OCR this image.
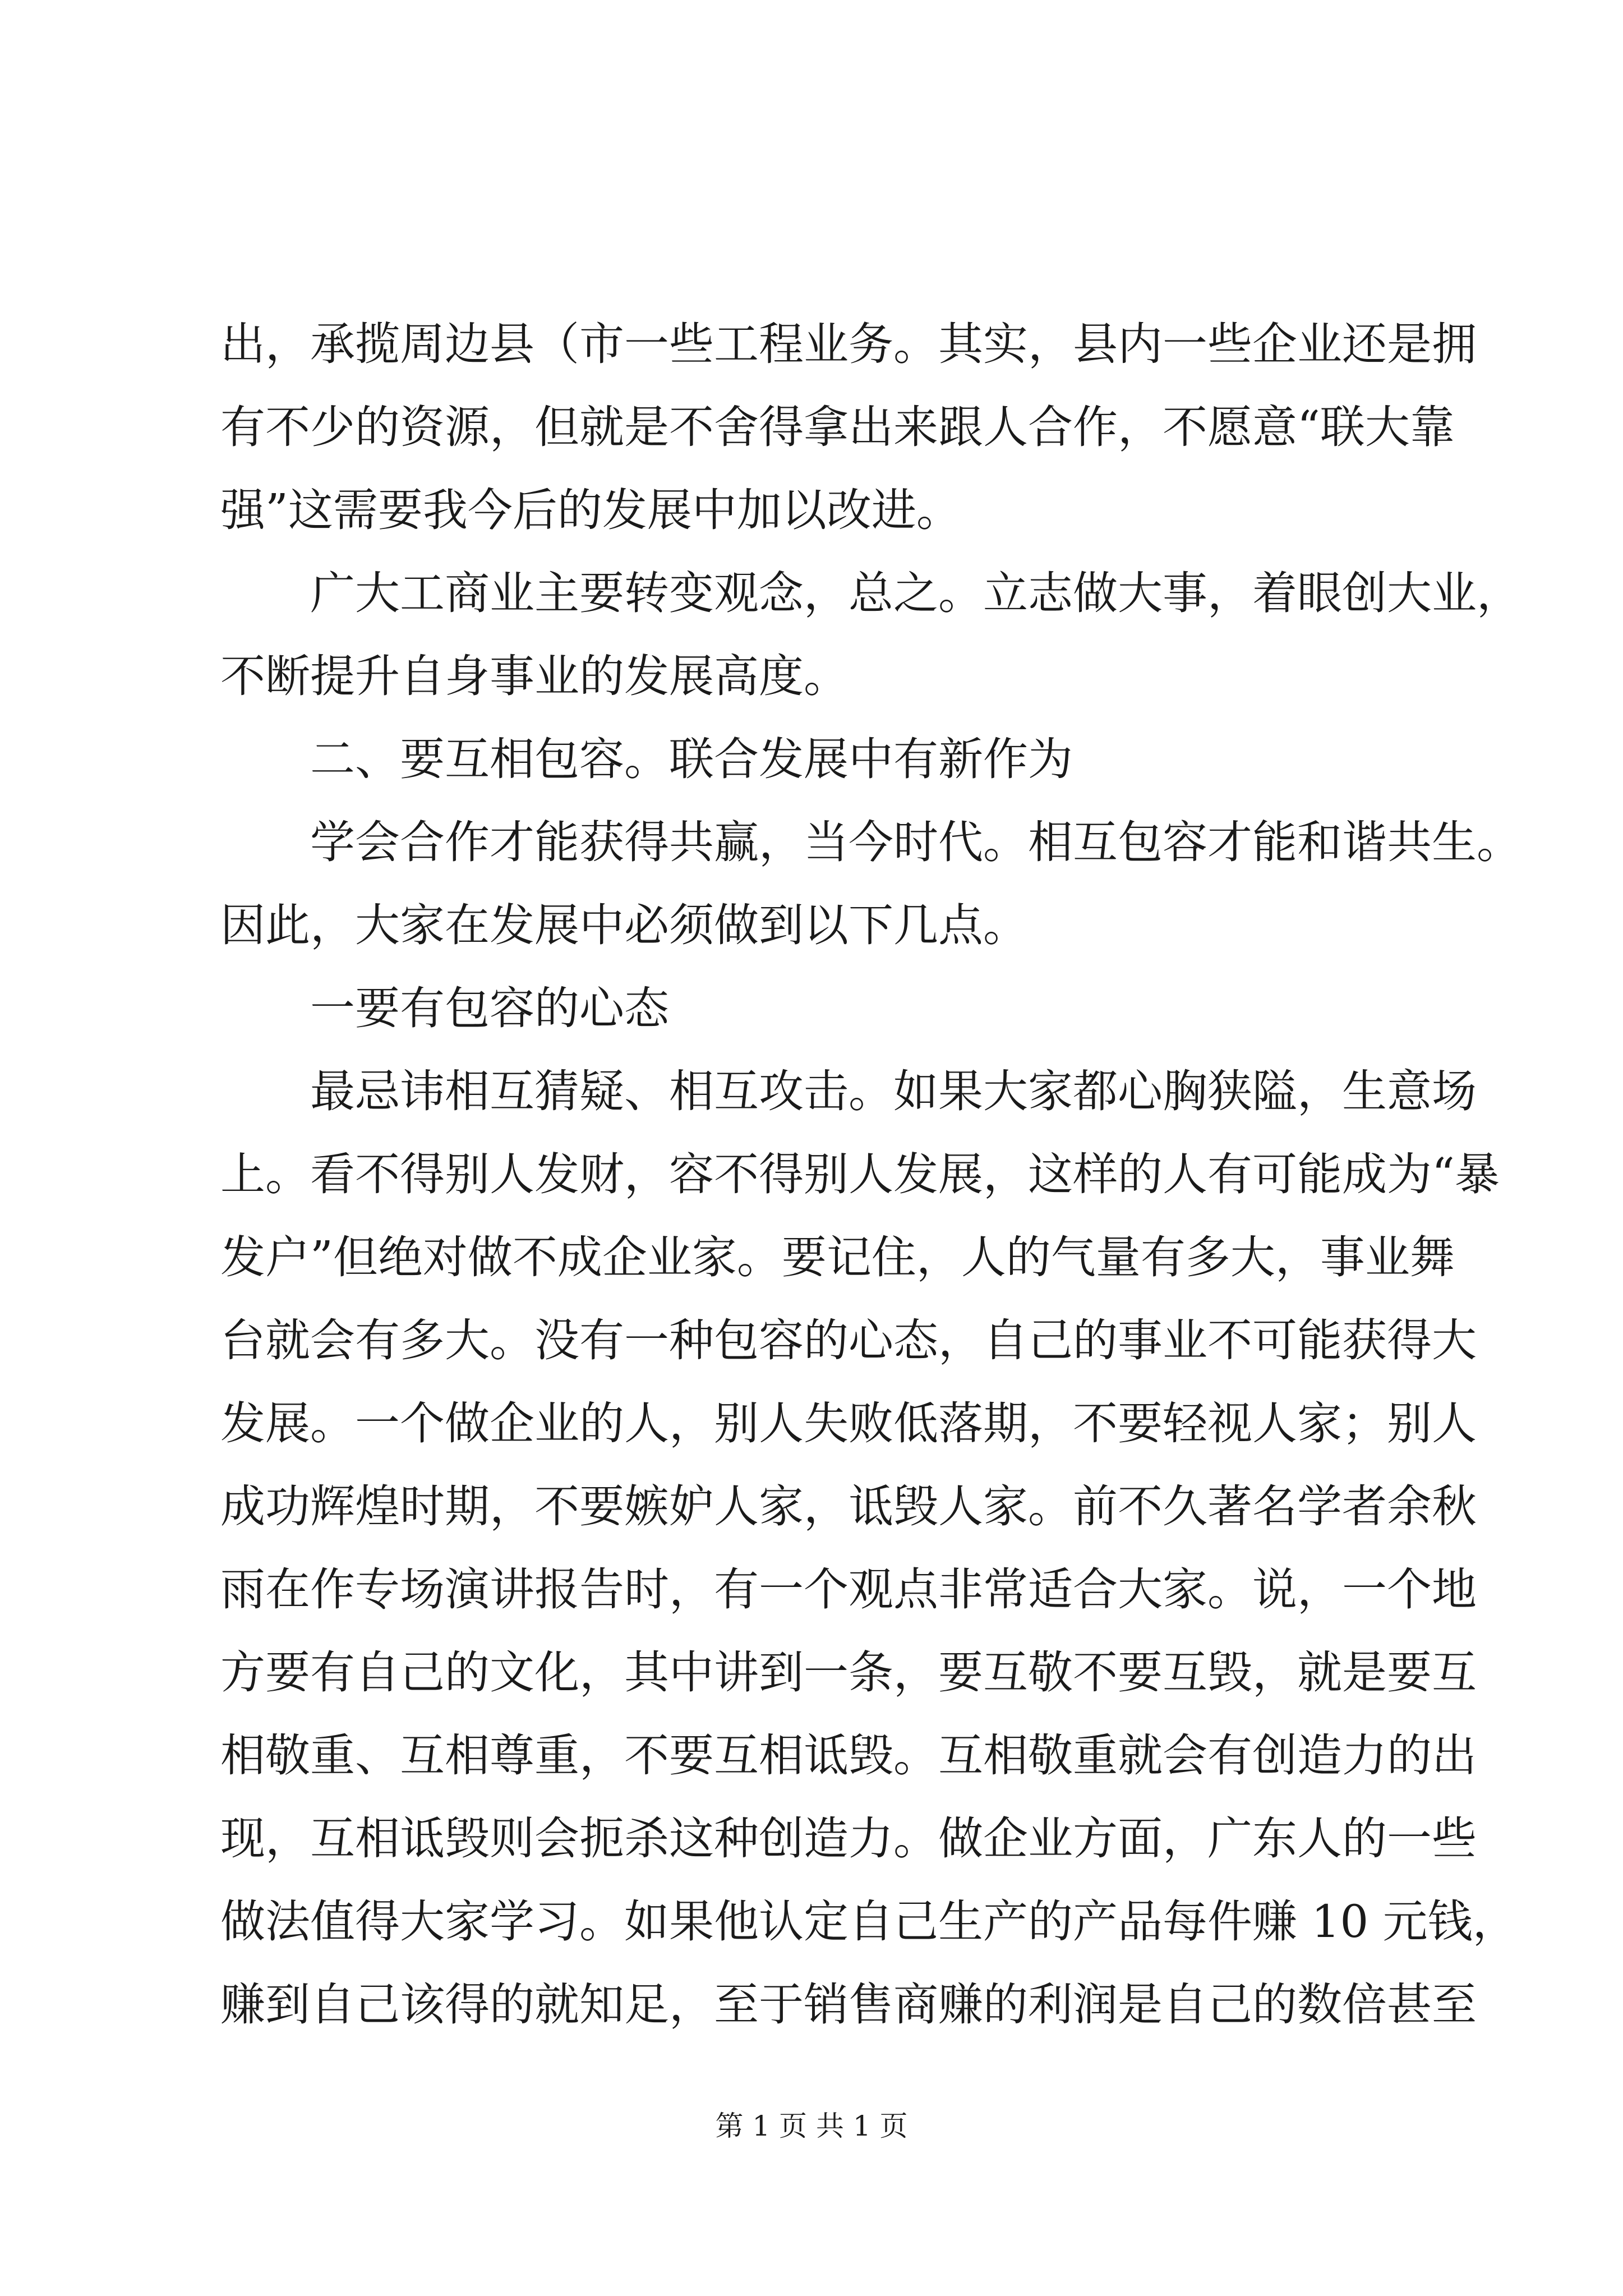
出，承揽周边县（市一些工程业务。其实，县内一些企业还是拥
有不少的资源，但就是不舍得拿出来跟人合作，不愿意“联大靠
强”这需要我今后的发展中加以改进。
广大工商业主要转变观念，总之。立志做大事，着眼创大业，
不断提升自身事业的发展高度。
二、要互相包容。联合发展中有新作为
学会合作才能获得共赢，当今时代。相互包容才能和谐共生。
因此，大家在发展中必须做到以下几点。
一要有包容的心态
最忌讳相互猜疑、相互攻击。如果大家都心胸狭隘，生意场
上。看不得别人发财，容不得别人发展，这样的人有可能成为“暴
发户”但绝对做不成企业家。要记住，人的气量有多大，事业舞
台就会有多大。没有一种包容的心态，自己的事业不可能获得大
发展。一个做企业的人，别人失败低落期，不要轻视人家；别人
成功辉煌时期，不要嫉妒人家，诋毁人家。前不久著名学者余秋
雨在作专场演讲报告时，有一个观点非常适合大家。说，一个地
方要有自己的文化，其中讲到一条，要互敬不要互毁，就是要互
相敬重、互相尊重，不要互相诋毁。互相敬重就会有创造力的出
现，互相诋毁则会扼杀这种创造力。做企业方面，广东人的一些
做法值得大家学习。如果他认定自己生产的产品每件赚 10 元钱，
赚到自己该得的就知足，至于销售商赚的利润是自己的数倍甚至
第 1 页 共 1 页
